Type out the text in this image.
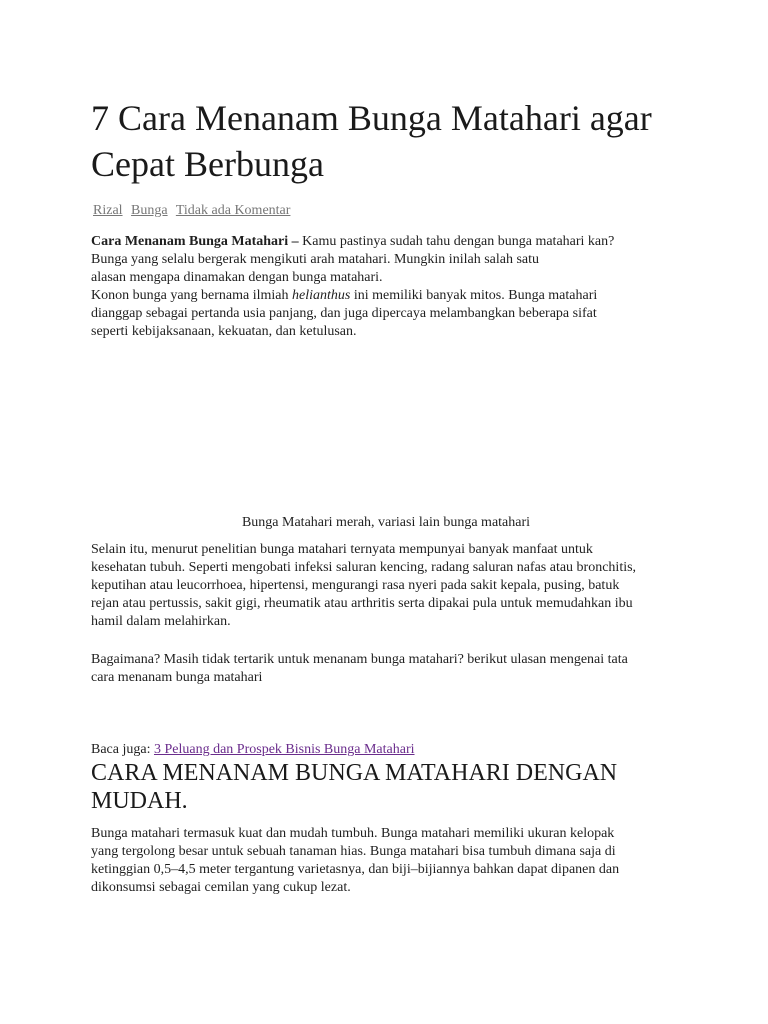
7 Cara Menanam Bunga Matahari agar
Cepat Berbunga
Rizal Bunga Tidak ada Komentar

Cara Menanam Bunga Matahari – Kamu pastinya sudah tahu dengan bunga matahari kan?
Bunga yang selalu bergerak mengikuti arah matahari. Mungkin inilah salah satu
alasan mengapa dinamakan dengan bunga matahari.
Konon bunga yang bernama ilmiah helianthus ini memiliki banyak mitos. Bunga matahari
dianggap sebagai pertanda usia panjang, dan juga dipercaya melambangkan beberapa sifat
seperti kebijaksanaan, kekuatan, dan ketulusan.

Bunga Matahari merah, variasi lain bunga matahari

Selain itu, menurut penelitian bunga matahari ternyata mempunyai banyak manfaat untuk
kesehatan tubuh. Seperti mengobati infeksi saluran kencing, radang saluran nafas atau bronchitis,
keputihan atau leucorrhoea, hipertensi, mengurangi rasa nyeri pada sakit kepala, pusing, batuk
rejan atau pertussis, sakit gigi, rheumatik atau arthritis serta dipakai pula untuk memudahkan ibu
hamil dalam melahirkan.

Bagaimana? Masih tidak tertarik untuk menanam bunga matahari? berikut ulasan mengenai tata
cara menanam bunga matahari

Baca juga: 3 Peluang dan Prospek Bisnis Bunga Matahari
CARA MENANAM BUNGA MATAHARI DENGAN
MUDAH.

Bunga matahari termasuk kuat dan mudah tumbuh. Bunga matahari memiliki ukuran kelopak
yang tergolong besar untuk sebuah tanaman hias. Bunga matahari bisa tumbuh dimana saja di
ketinggian 0,5–4,5 meter tergantung varietasnya, dan biji–bijiannya bahkan dapat dipanen dan
dikonsumsi sebagai cemilan yang cukup lezat.
